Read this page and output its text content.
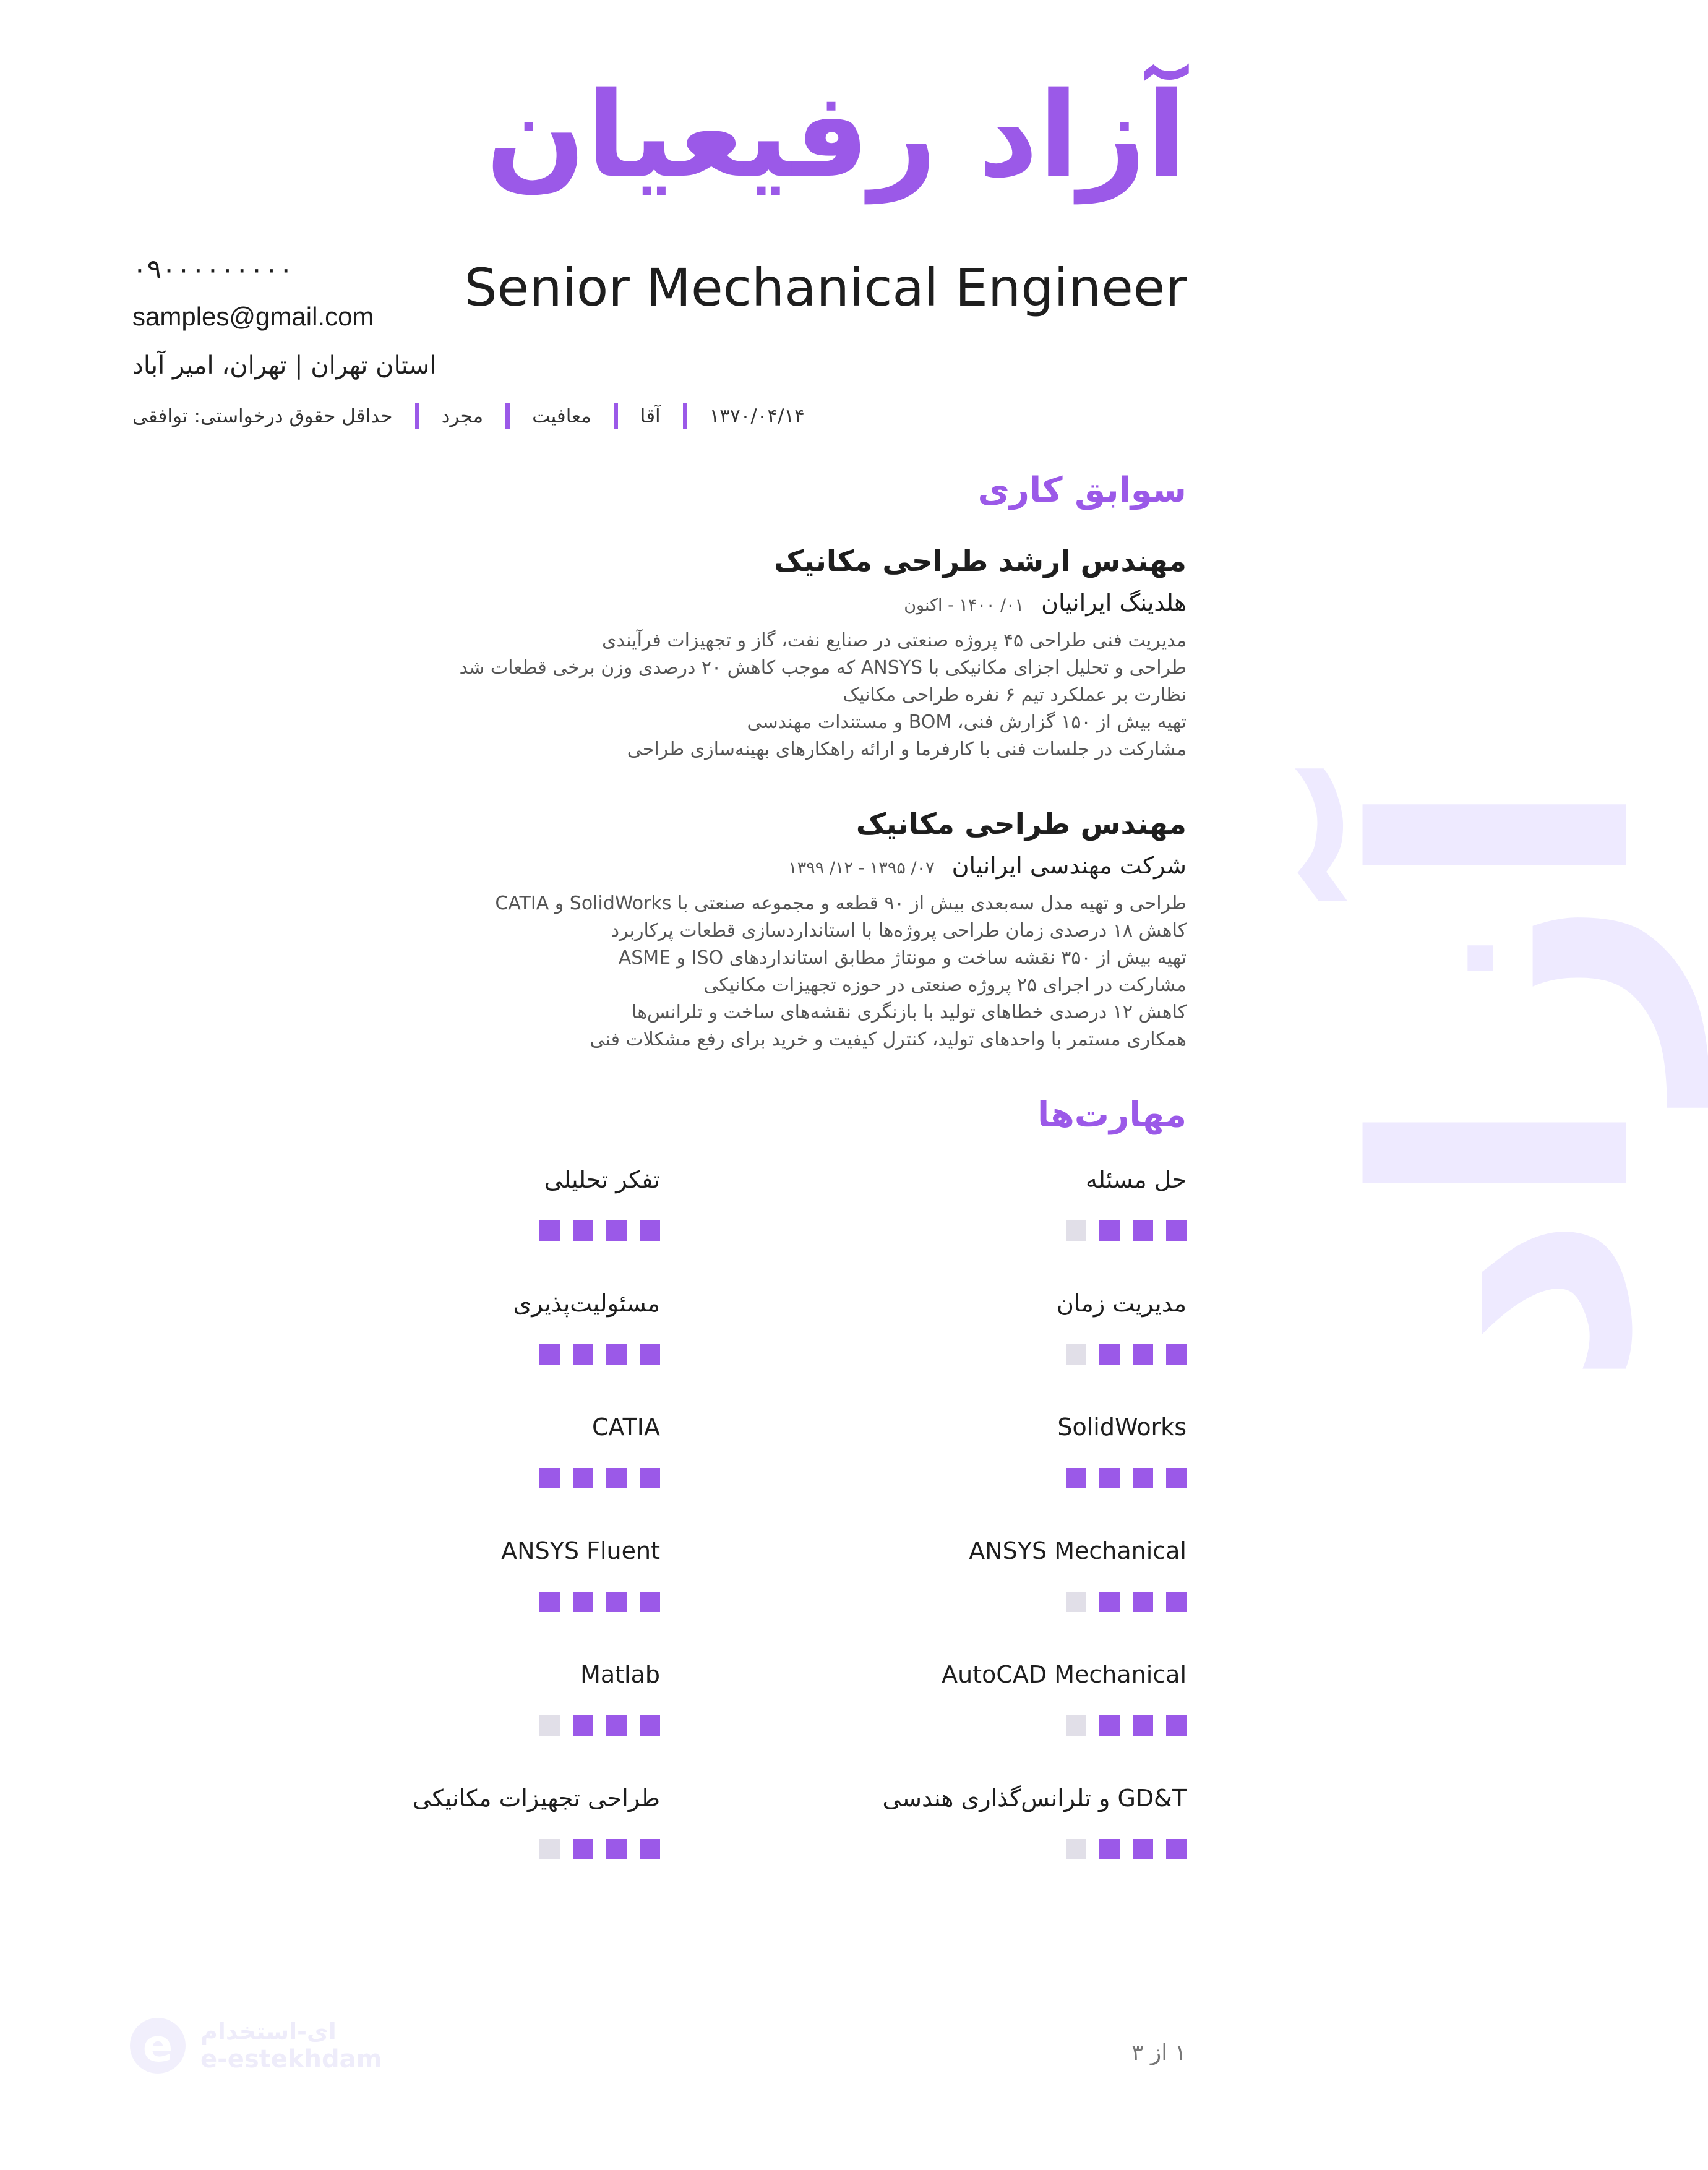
آزاد
آزاد رفیعیان
Senior Mechanical Engineer
۰۹۰۰۰۰۰۰۰۰۰
samples@gmail.com
استان تهران | تهران، امیر آباد
حداقل حقوق درخواستی: توافقی	مجرد	معافیت	آقا	۱۳۷۰/۰۴/۱۴
سوابق کاری
مهندس ارشد طراحی مکانیک
هلدینگ ایرانیان
۰۱/ ۱۴۰۰ - اکنون
مدیریت فنی طراحی ۴۵ پروژه صنعتی در صنایع نفت، گاز و تجهیزات فرآیندی
طراحی و تحلیل اجزای مکانیکی با ANSYS که موجب کاهش ۲۰ درصدی وزن برخی قطعات شد
نظارت بر عملکرد تیم ۶ نفره طراحی مکانیک
تهیه بیش از ۱۵۰ گزارش فنی، BOM و مستندات مهندسی
مشارکت در جلسات فنی با کارفرما و ارائه راهکارهای بهینه‌سازی طراحی
مهندس طراحی مکانیک
شرکت مهندسی ایرانیان
۰۷/ ۱۳۹۵ - ۱۲/ ۱۳۹۹
طراحی و تهیه مدل سه‌بعدی بیش از ۹۰ قطعه و مجموعه صنعتی با SolidWorks و CATIA
کاهش ۱۸ درصدی زمان طراحی پروژه‌ها با استانداردسازی قطعات پرکاربرد
تهیه بیش از ۳۵۰ نقشه ساخت و مونتاژ مطابق استانداردهای ISO و ASME
مشارکت در اجرای ۲۵ پروژه صنعتی در حوزه تجهیزات مکانیکی
کاهش ۱۲ درصدی خطاهای تولید با بازنگری نقشه‌های ساخت و تلرانس‌ها
همکاری مستمر با واحدهای تولید، کنترل کیفیت و خرید برای رفع مشکلات فنی
مهارت‌ها
حل مسئله
تفکر تحلیلی
مدیریت زمان
مسئولیت‌پذیری
SolidWorks
CATIA
ANSYS Mechanical
ANSYS Fluent
AutoCAD Mechanical
Matlab
GD&T و تلرانس‌گذاری هندسی
طراحی تجهیزات مکانیکی
e	ای-استخدام
e-estekhdam	۱ از ۳
